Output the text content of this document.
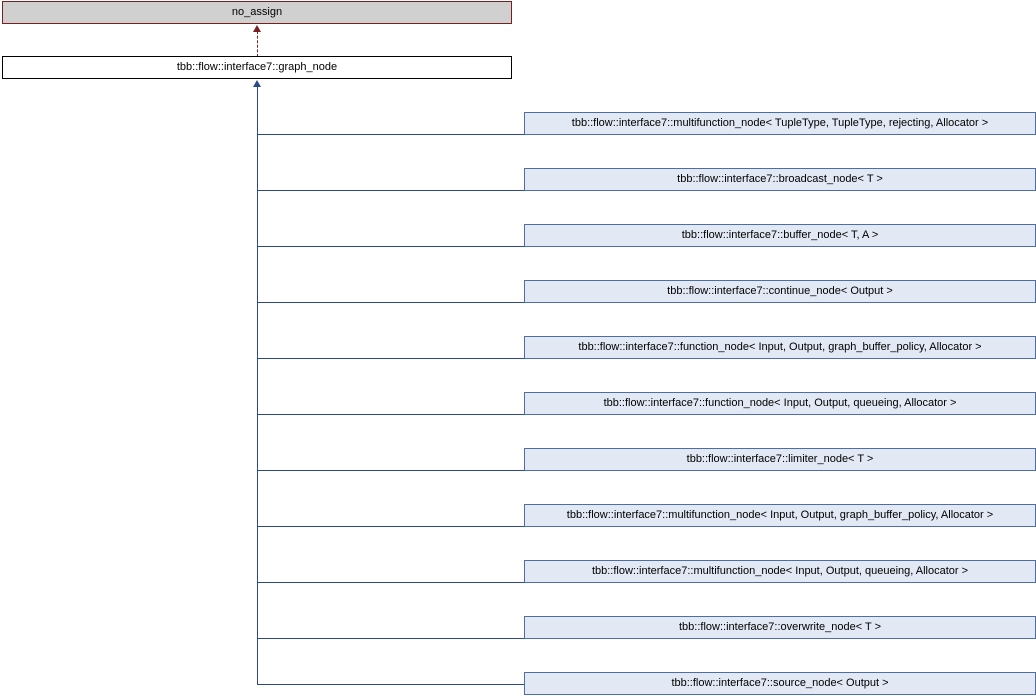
no_assign
tbb::flow::interface7::graph_node
tbb::flow::interface7::multifunction_node< TupleType, TupleType, rejecting, Allocator >
tbb::flow::interface7::broadcast_node< T >
tbb::flow::interface7::buffer_node< T, A >
tbb::flow::interface7::continue_node< Output >
tbb::flow::interface7::function_node< Input, Output, graph_buffer_policy, Allocator >
tbb::flow::interface7::function_node< Input, Output, queueing, Allocator >
tbb::flow::interface7::limiter_node< T >
tbb::flow::interface7::multifunction_node< Input, Output, graph_buffer_policy, Allocator >
tbb::flow::interface7::multifunction_node< Input, Output, queueing, Allocator >
tbb::flow::interface7::overwrite_node< T >
tbb::flow::interface7::source_node< Output >
